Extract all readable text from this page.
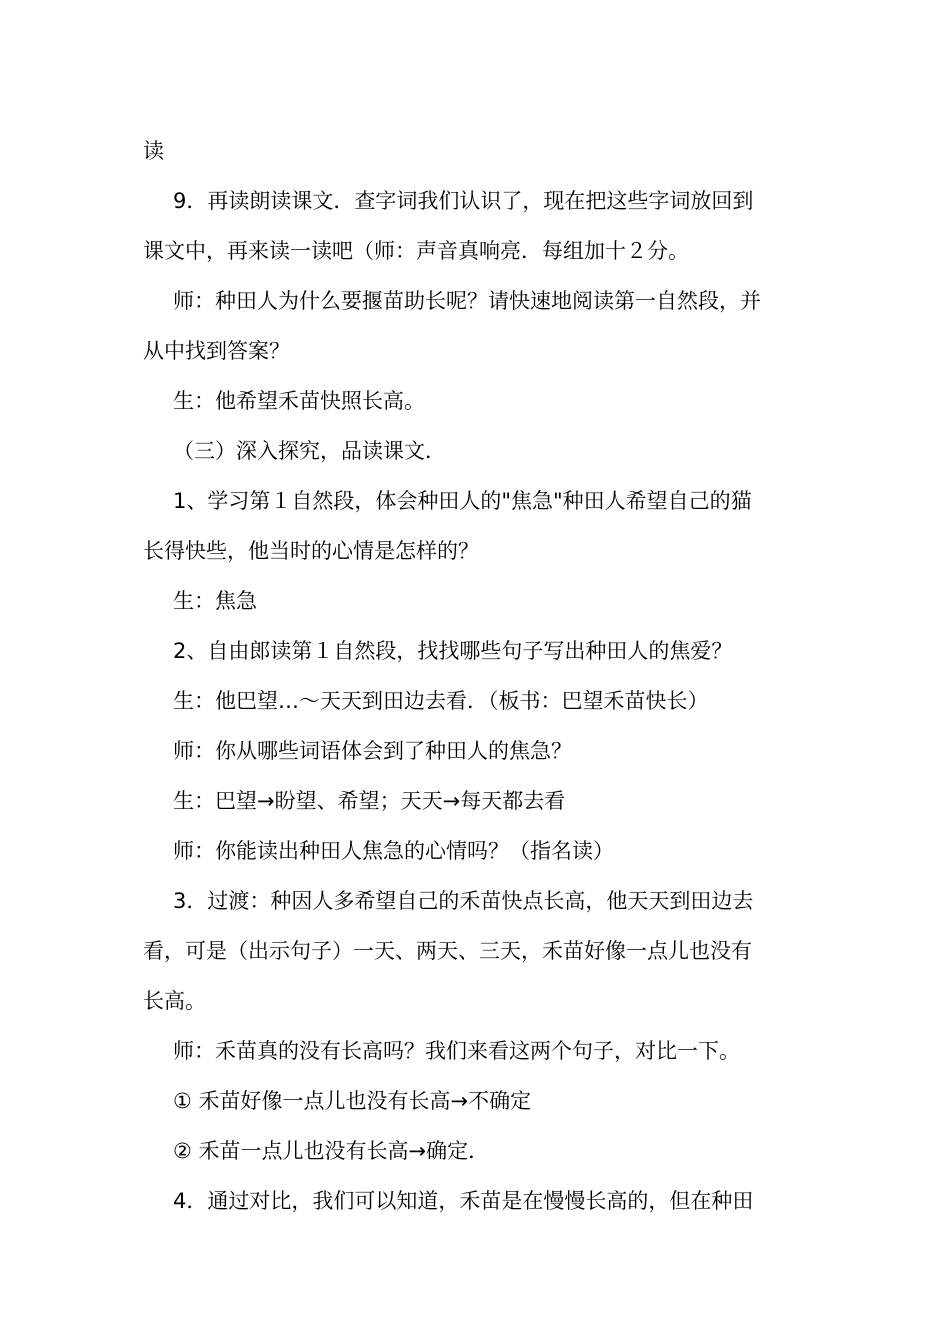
读

9．再读朗读课文．查字词我们认识了，现在把这些字词放回到

课文中，再来读一读吧（师：声音真响亮．每组加十２分。

师：种田人为什么要揠苗助长呢？请快速地阅读第一自然段，并

从中找到答案？

生：他希望禾苗快照长高。

（三）深入探究，品读课文．

1、学习第１自然段，体会种田人的"焦急"种田人希望自己的猫

长得快些，他当时的心情是怎样的？

生：焦急

2、自由郎读第１自然段，找找哪些句子写出种田人的焦爱？

生：他巴望…～天天到田边去看．（板书：巴望禾苗快长）

师：你从哪些词语体会到了种田人的焦急？

生：巴望→盼望、希望；天天→每天都去看

师：你能读出种田人焦急的心情吗？（指名读）

3．过渡：种因人多希望自己的禾苗快点长高，他天天到田边去

看，可是（出示句子）一天、两天、三天，禾苗好像一点儿也没有

长高。

师：禾苗真的没有长高吗？我们来看这两个句子，对比一下。

① 禾苗好像一点儿也没有长高→不确定

② 禾苗一点儿也没有长高→确定．

4．通过对比，我们可以知道，禾苗是在慢慢长高的，但在种田
